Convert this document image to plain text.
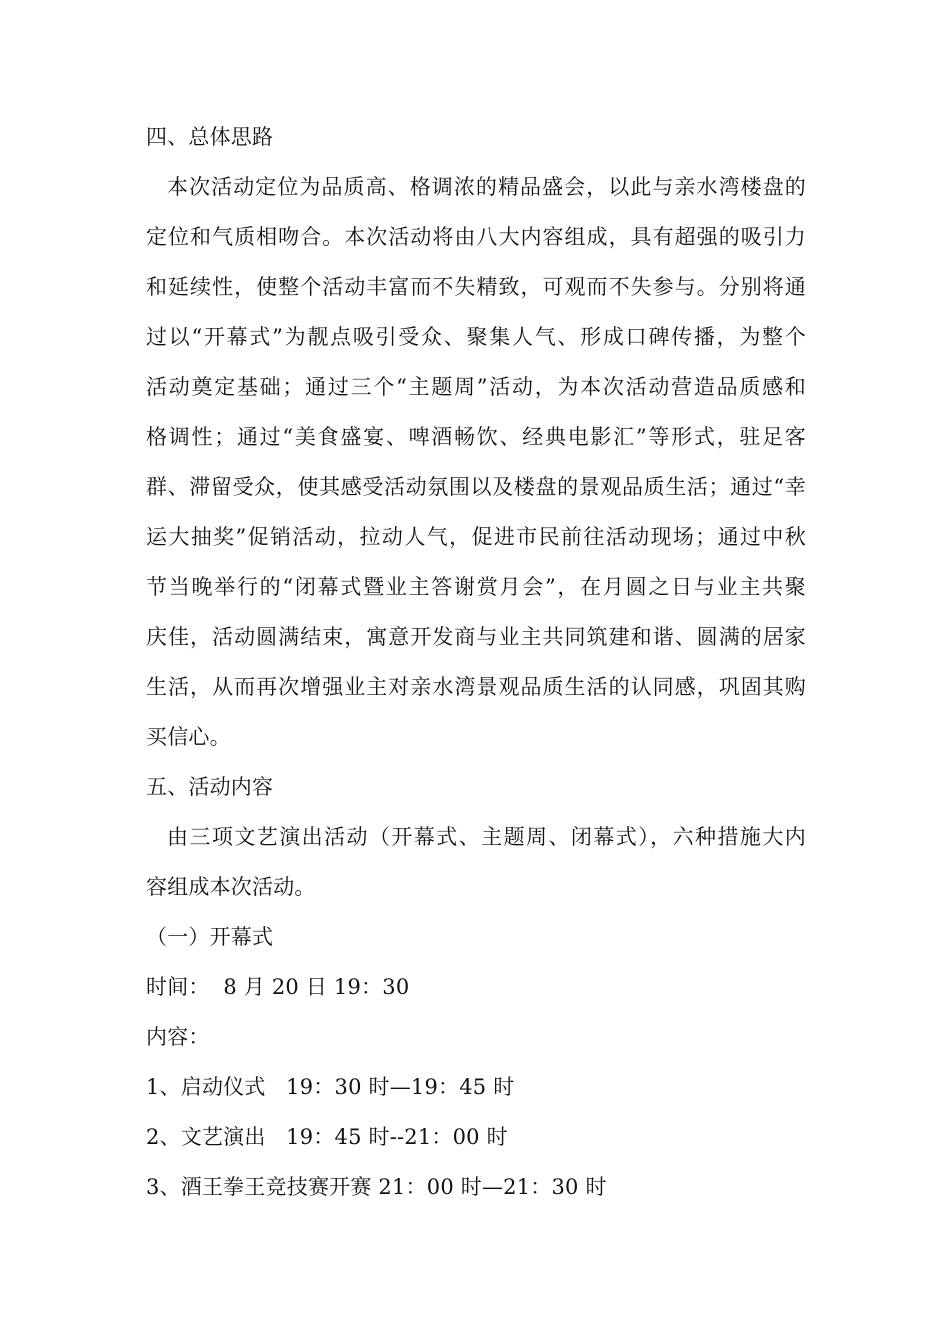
四、总体思路
本次活动定位为品质高、格调浓的精品盛会，以此与亲水湾楼盘的
定位和气质相吻合。本次活动将由八大内容组成，具有超强的吸引力
和延续性，使整个活动丰富而不失精致，可观而不失参与。分别将通
过以“开幕式”为靓点吸引受众、聚集人气、形成口碑传播，为整个
活动奠定基础；通过三个“主题周”活动，为本次活动营造品质感和
格调性；通过“美食盛宴、啤酒畅饮、经典电影汇”等形式，驻足客
群、滞留受众，使其感受活动氛围以及楼盘的景观品质生活；通过“幸
运大抽奖”促销活动，拉动人气，促进市民前往活动现场；通过中秋
节当晚举行的“闭幕式暨业主答谢赏月会”，在月圆之日与业主共聚
庆佳，活动圆满结束，寓意开发商与业主共同筑建和谐、圆满的居家
生活，从而再次增强业主对亲水湾景观品质生活的认同感，巩固其购
买信心。
五、活动内容
由三项文艺演出活动（开幕式、主题周、闭幕式），六种措施大内
容组成本次活动。
（一）开幕式
时间：  8 月 20 日 19：30
内容：
1、启动仪式   19：30 时—19：45 时
2、文艺演出   19：45 时--21：00 时
3、酒王拳王竞技赛开赛 21：00 时—21：30 时
